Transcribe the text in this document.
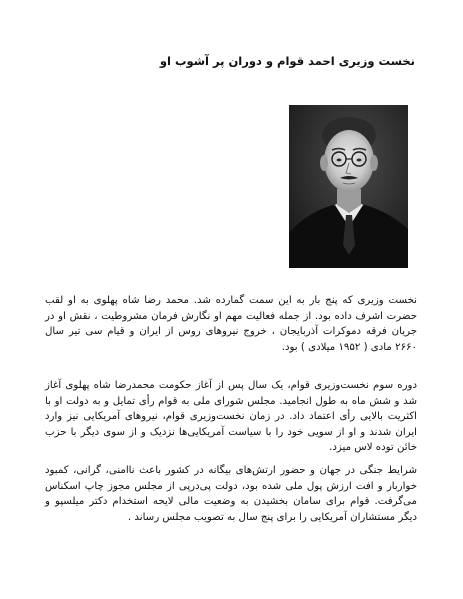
نخست وزیری احمد قوام و دوران پر آشوب او

نخست وزیری که پنج بار به این سمت گمارده شد. محمد رضا شاه پهلوی به او لقب حضرت اشرف داده بود. از جمله فعالیت مهم او نگارش فرمان مشروطیت ، نقش او در جریان فرقه دموکرات آذربایجان ، خروج نیروهای روس از ایران و قیام سی تیر سال ۲۶۶۰ مادی ( ۱۹۵۲ میلادی ) بود.

دوره سوم نخست‌وزیری قوام، یک سال پس از آغاز حکومت محمدرضا شاه پهلوی آغاز شد و شش ماه به طول انجامید. مجلس شورای ملی به قوام رأی تمایل و به دولت او با اکثریت بالایی رأی اعتماد داد. در زمان نخست‌وزیری قوام، نیروهای آمریکایی نیز وارد ایران شدند و او از سویی خود را با سیاست آمریکایی‌ها نزدیک و از سوی دیگر با حزب خائن توده لاس میزد.

شرایط جنگی در جهان و حضور ارتش‌های بیگانه در کشور باعث ناامنی، گرانی، کمبود خواربار و افت ارزش پول ملی شده بود، دولت پی‌درپی از مجلس مجوز چاپ اسکناس می‌گرفت. قوام برای سامان بخشیدن به وضعیت مالی لایحه استخدام دکتر میلسپو و دیگر مستشاران آمریکایی را برای پنج سال به تصویب مجلس رساند .
